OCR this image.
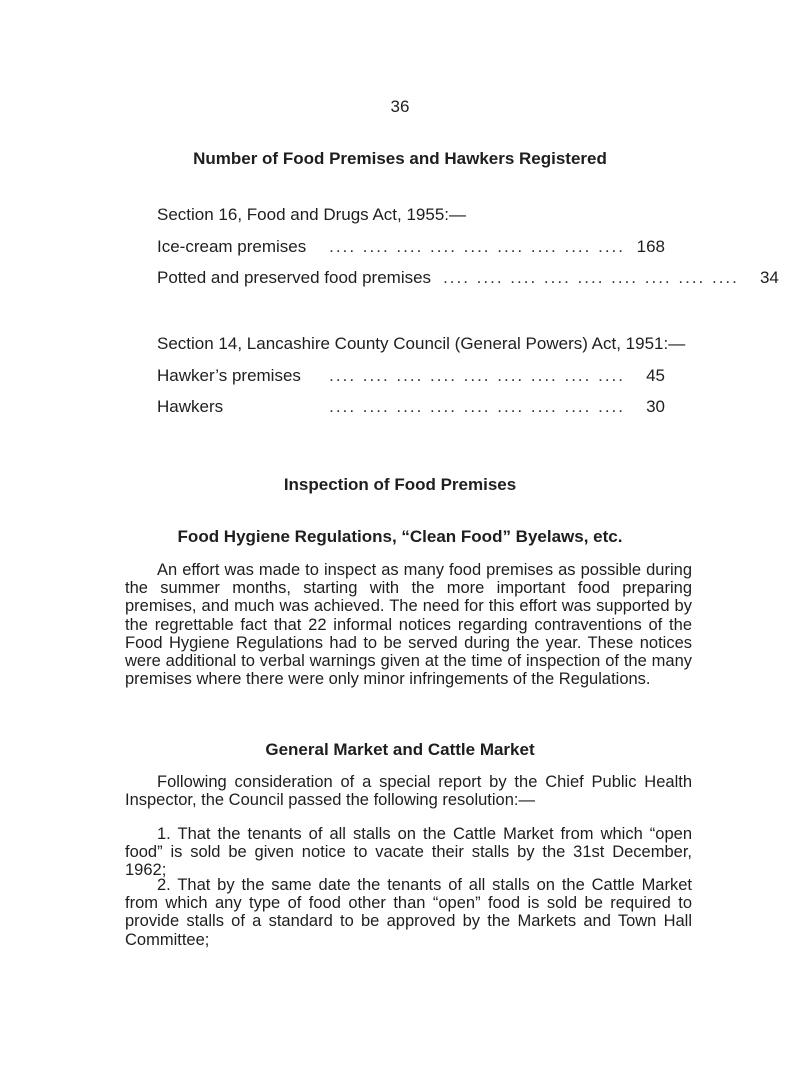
36
Number of Food Premises and Hawkers Registered
Section 16, Food and Drugs Act, 1955:—
Ice-cream premises	.... .... .... .... .... .... .... .... .... 168
Potted and preserved food premises .... .... .... .... .... .... .... .... ....	34
Section 14, Lancashire County Council (General Powers) Act, 1951:—
Hawker’s premises	.... .... .... .... .... .... .... .... ....	45
Hawkers	.... .... .... .... .... .... .... .... ....	30
Inspection of Food Premises
Food Hygiene Regulations, “Clean Food” Byelaws, etc.
An effort was made to inspect as many food premises as possible during the summer months, starting with the more important food preparing premises, and much was achieved. The need for this effort was supported by the regrettable fact that 22 informal notices regarding contraventions of the Food Hygiene Regulations had to be served during the year. These notices were additional to verbal warnings given at the time of inspection of the many premises where there were only minor infringements of the Regulations.
General Market and Cattle Market
Following consideration of a special report by the Chief Public Health Inspector, the Council passed the following resolution:—
1. That the tenants of all stalls on the Cattle Market from which “open food” is sold be given notice to vacate their stalls by the 31st December, 1962;
2. That by the same date the tenants of all stalls on the Cattle Market from which any type of food other than “open” food is sold be required to provide stalls of a standard to be approved by the Markets and Town Hall Committee;
